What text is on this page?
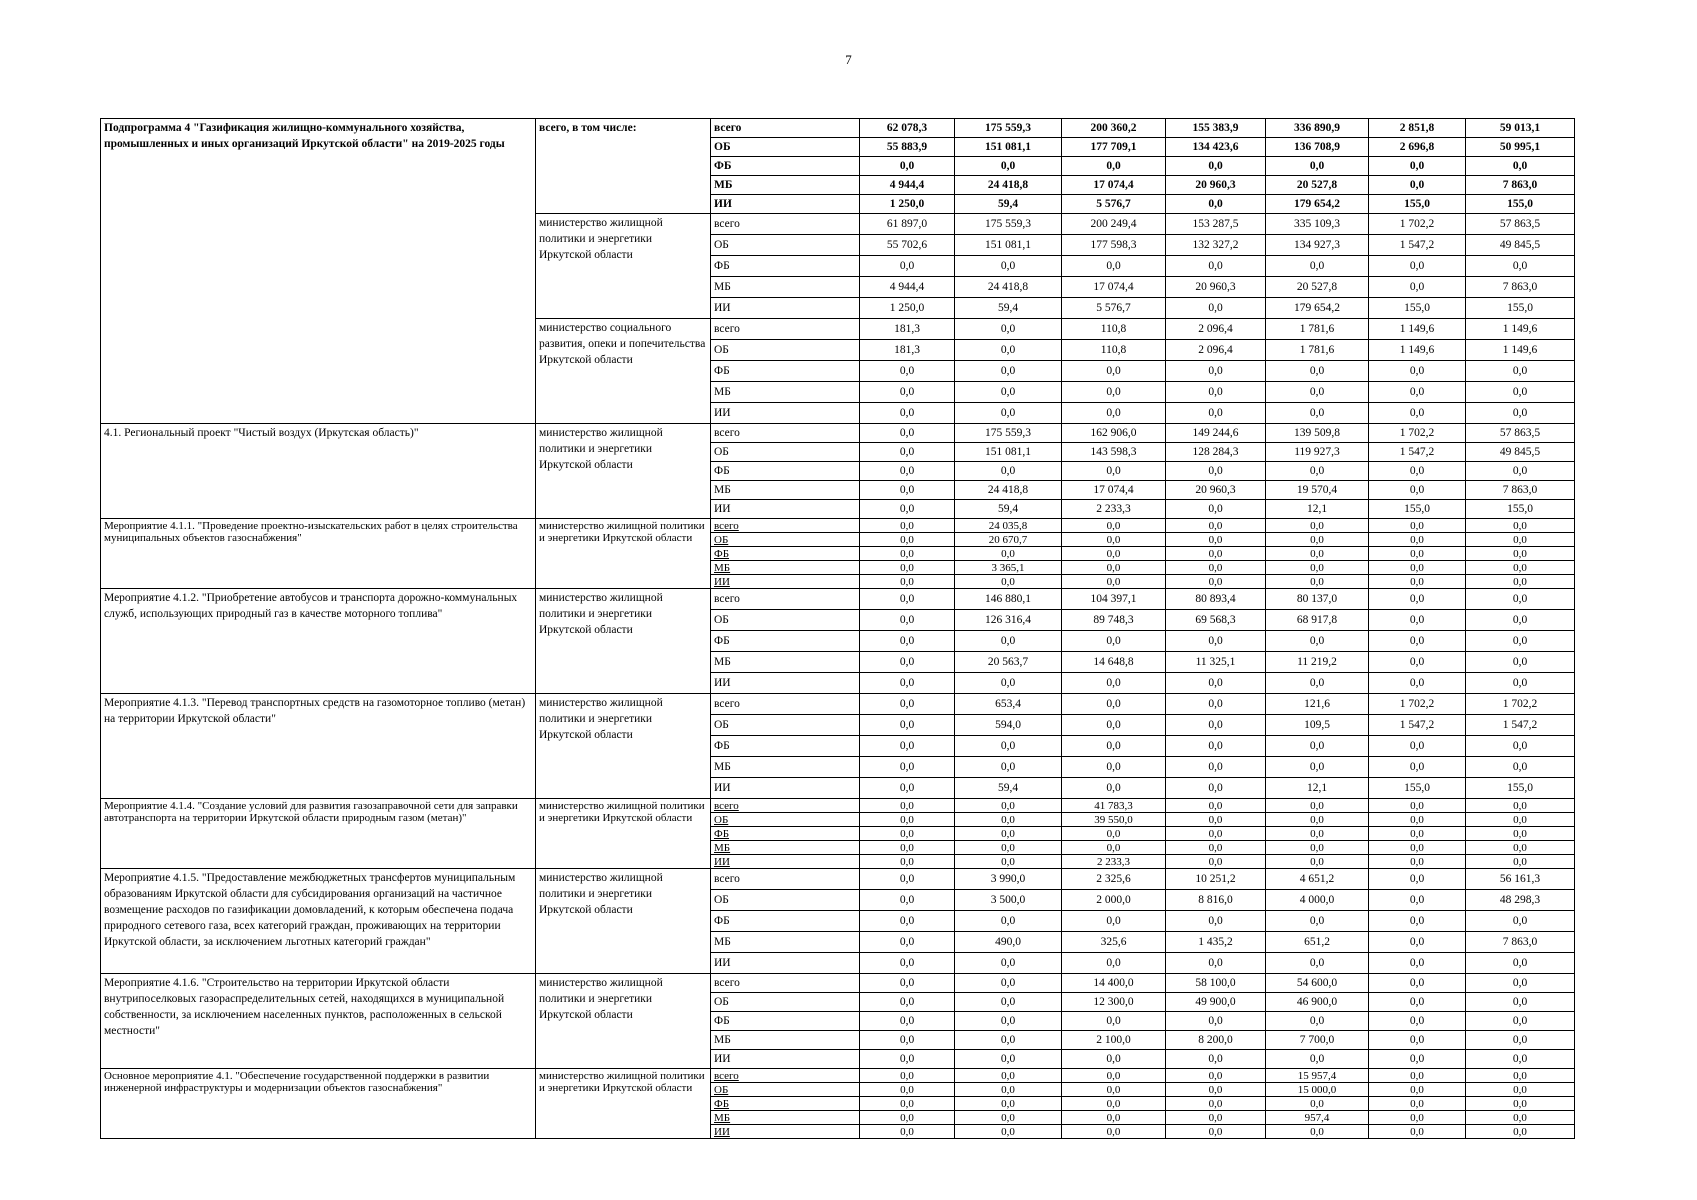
7
Подпрограмма 4 "Газификация жилищно-коммунального хозяйства, промышленных и иных организаций Иркутской области" на 2019-2025 годы	всего, в том числе:	всего	62 078,3	175 559,3	200 360,2	155 383,9	336 890,9	2 851,8	59 013,1
		ОБ	55 883,9	151 081,1	177 709,1	134 423,6	136 708,9	2 696,8	50 995,1
		ФБ	0,0	0,0	0,0	0,0	0,0	0,0	0,0
		МБ	4 944,4	24 418,8	17 074,4	20 960,3	20 527,8	0,0	7 863,0
		ИИ	1 250,0	59,4	5 576,7	0,0	179 654,2	155,0	155,0
	министерство жилищной политики и энергетики Иркутской области	всего	61 897,0	175 559,3	200 249,4	153 287,5	335 109,3	1 702,2	57 863,5
		ОБ	55 702,6	151 081,1	177 598,3	132 327,2	134 927,3	1 547,2	49 845,5
		ФБ	0,0	0,0	0,0	0,0	0,0	0,0	0,0
		МБ	4 944,4	24 418,8	17 074,4	20 960,3	20 527,8	0,0	7 863,0
		ИИ	1 250,0	59,4	5 576,7	0,0	179 654,2	155,0	155,0
	министерство социального развития, опеки и попечительства Иркутской области	всего	181,3	0,0	110,8	2 096,4	1 781,6	1 149,6	1 149,6
		ОБ	181,3	0,0	110,8	2 096,4	1 781,6	1 149,6	1 149,6
		ФБ	0,0	0,0	0,0	0,0	0,0	0,0	0,0
		МБ	0,0	0,0	0,0	0,0	0,0	0,0	0,0
		ИИ	0,0	0,0	0,0	0,0	0,0	0,0	0,0
4.1. Региональный проект "Чистый воздух (Иркутская область)"	министерство жилищной политики и энергетики Иркутской области	всего	0,0	175 559,3	162 906,0	149 244,6	139 509,8	1 702,2	57 863,5
		ОБ	0,0	151 081,1	143 598,3	128 284,3	119 927,3	1 547,2	49 845,5
		ФБ	0,0	0,0	0,0	0,0	0,0	0,0	0,0
		МБ	0,0	24 418,8	17 074,4	20 960,3	19 570,4	0,0	7 863,0
		ИИ	0,0	59,4	2 233,3	0,0	12,1	155,0	155,0
Мероприятие 4.1.1. "Проведение проектно-изыскательских работ в целях строительства муниципальных объектов газоснабжения"	министерство жилищной политики и энергетики Иркутской области	всего	0,0	24 035,8	0,0	0,0	0,0	0,0	0,0
		ОБ	0,0	20 670,7	0,0	0,0	0,0	0,0	0,0
		ФБ	0,0	0,0	0,0	0,0	0,0	0,0	0,0
		МБ	0,0	3 365,1	0,0	0,0	0,0	0,0	0,0
		ИИ	0,0	0,0	0,0	0,0	0,0	0,0	0,0
Мероприятие 4.1.2. "Приобретение автобусов и транспорта дорожно-коммунальных служб, использующих природный газ в качестве моторного топлива"	министерство жилищной политики и энергетики Иркутской области	всего	0,0	146 880,1	104 397,1	80 893,4	80 137,0	0,0	0,0
		ОБ	0,0	126 316,4	89 748,3	69 568,3	68 917,8	0,0	0,0
		ФБ	0,0	0,0	0,0	0,0	0,0	0,0	0,0
		МБ	0,0	20 563,7	14 648,8	11 325,1	11 219,2	0,0	0,0
		ИИ	0,0	0,0	0,0	0,0	0,0	0,0	0,0
Мероприятие 4.1.3. "Перевод транспортных средств на газомоторное топливо (метан) на территории Иркутской области"	министерство жилищной политики и энергетики Иркутской области	всего	0,0	653,4	0,0	0,0	121,6	1 702,2	1 702,2
		ОБ	0,0	594,0	0,0	0,0	109,5	1 547,2	1 547,2
		ФБ	0,0	0,0	0,0	0,0	0,0	0,0	0,0
		МБ	0,0	0,0	0,0	0,0	0,0	0,0	0,0
		ИИ	0,0	59,4	0,0	0,0	12,1	155,0	155,0
Мероприятие 4.1.4. "Создание условий для развития газозаправочной сети для заправки автотранспорта на территории Иркутской области природным газом (метан)"	министерство жилищной политики и энергетики Иркутской области	всего	0,0	0,0	41 783,3	0,0	0,0	0,0	0,0
		ОБ	0,0	0,0	39 550,0	0,0	0,0	0,0	0,0
		ФБ	0,0	0,0	0,0	0,0	0,0	0,0	0,0
		МБ	0,0	0,0	0,0	0,0	0,0	0,0	0,0
		ИИ	0,0	0,0	2 233,3	0,0	0,0	0,0	0,0
Мероприятие 4.1.5. "Предоставление межбюджетных трансфертов муниципальным образованиям Иркутской области для субсидирования организаций на частичное возмещение расходов по газификации домовладений, к которым обеспечена подача природного сетевого газа, всех категорий граждан, проживающих на территории Иркутской области, за исключением льготных категорий граждан"	министерство жилищной политики и энергетики Иркутской области	всего	0,0	3 990,0	2 325,6	10 251,2	4 651,2	0,0	56 161,3
		ОБ	0,0	3 500,0	2 000,0	8 816,0	4 000,0	0,0	48 298,3
		ФБ	0,0	0,0	0,0	0,0	0,0	0,0	0,0
		МБ	0,0	490,0	325,6	1 435,2	651,2	0,0	7 863,0
		ИИ	0,0	0,0	0,0	0,0	0,0	0,0	0,0
Мероприятие 4.1.6. "Строительство на территории Иркутской области внутрипоселковых газораспределительных сетей, находящихся в муниципальной собственности, за исключением населенных пунктов, расположенных в сельской местности"	министерство жилищной политики и энергетики Иркутской области	всего	0,0	0,0	14 400,0	58 100,0	54 600,0	0,0	0,0
		ОБ	0,0	0,0	12 300,0	49 900,0	46 900,0	0,0	0,0
		ФБ	0,0	0,0	0,0	0,0	0,0	0,0	0,0
		МБ	0,0	0,0	2 100,0	8 200,0	7 700,0	0,0	0,0
		ИИ	0,0	0,0	0,0	0,0	0,0	0,0	0,0
Основное мероприятие 4.1. "Обеспечение государственной поддержки в развитии инженерной инфраструктуры и модернизации объектов газоснабжения"	министерство жилищной политики и энергетики Иркутской области	всего	0,0	0,0	0,0	0,0	15 957,4	0,0	0,0
		ОБ	0,0	0,0	0,0	0,0	15 000,0	0,0	0,0
		ФБ	0,0	0,0	0,0	0,0	0,0	0,0	0,0
		МБ	0,0	0,0	0,0	0,0	957,4	0,0	0,0
		ИИ	0,0	0,0	0,0	0,0	0,0	0,0	0,0
